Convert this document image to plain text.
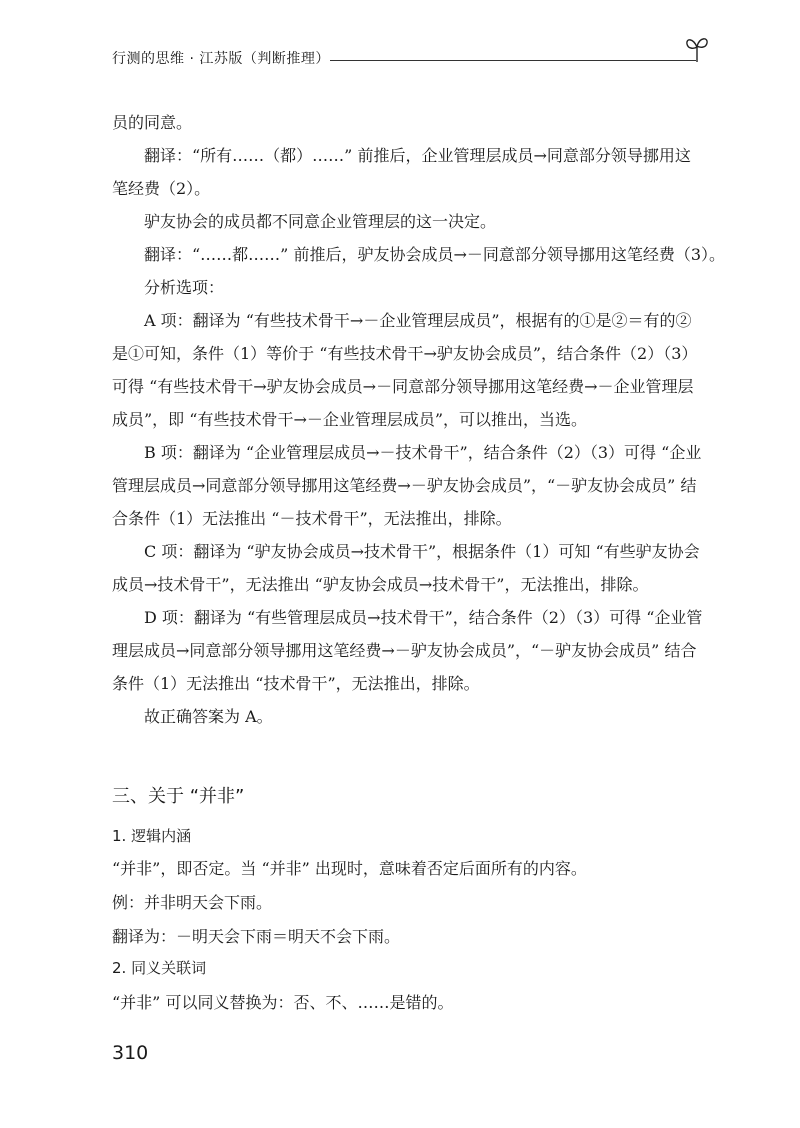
行测的思维 · 江苏版（判断推理）

员的同意。

翻译：“所有……（都）……” 前推后，企业管理层成员→同意部分领导挪用这

笔经费（2）。

驴友协会的成员都不同意企业管理层的这一决定。

翻译：“……都……” 前推后，驴友协会成员→－同意部分领导挪用这笔经费（3）。

分析选项：

A 项：翻译为 “有些技术骨干→－企业管理层成员”，根据有的①是②＝有的②

是①可知，条件（1）等价于 “有些技术骨干→驴友协会成员”，结合条件（2）（3）

可得 “有些技术骨干→驴友协会成员→－同意部分领导挪用这笔经费→－企业管理层

成员”，即 “有些技术骨干→－企业管理层成员”，可以推出，当选。

B 项：翻译为 “企业管理层成员→－技术骨干”，结合条件（2）（3）可得 “企业

管理层成员→同意部分领导挪用这笔经费→－驴友协会成员”，“－驴友协会成员” 结

合条件（1）无法推出 “－技术骨干”，无法推出，排除。

C 项：翻译为 “驴友协会成员→技术骨干”，根据条件（1）可知 “有些驴友协会

成员→技术骨干”，无法推出 “驴友协会成员→技术骨干”，无法推出，排除。

D 项：翻译为 “有些管理层成员→技术骨干”，结合条件（2）（3）可得 “企业管

理层成员→同意部分领导挪用这笔经费→－驴友协会成员”，“－驴友协会成员” 结合

条件（1）无法推出 “技术骨干”，无法推出，排除。

故正确答案为 A。

三、关于 “并非”

1. 逻辑内涵

“并非”，即否定。当 “并非” 出现时，意味着否定后面所有的内容。

例：并非明天会下雨。

翻译为：－明天会下雨＝明天不会下雨。

2. 同义关联词

“并非” 可以同义替换为：否、不、……是错的。

310
